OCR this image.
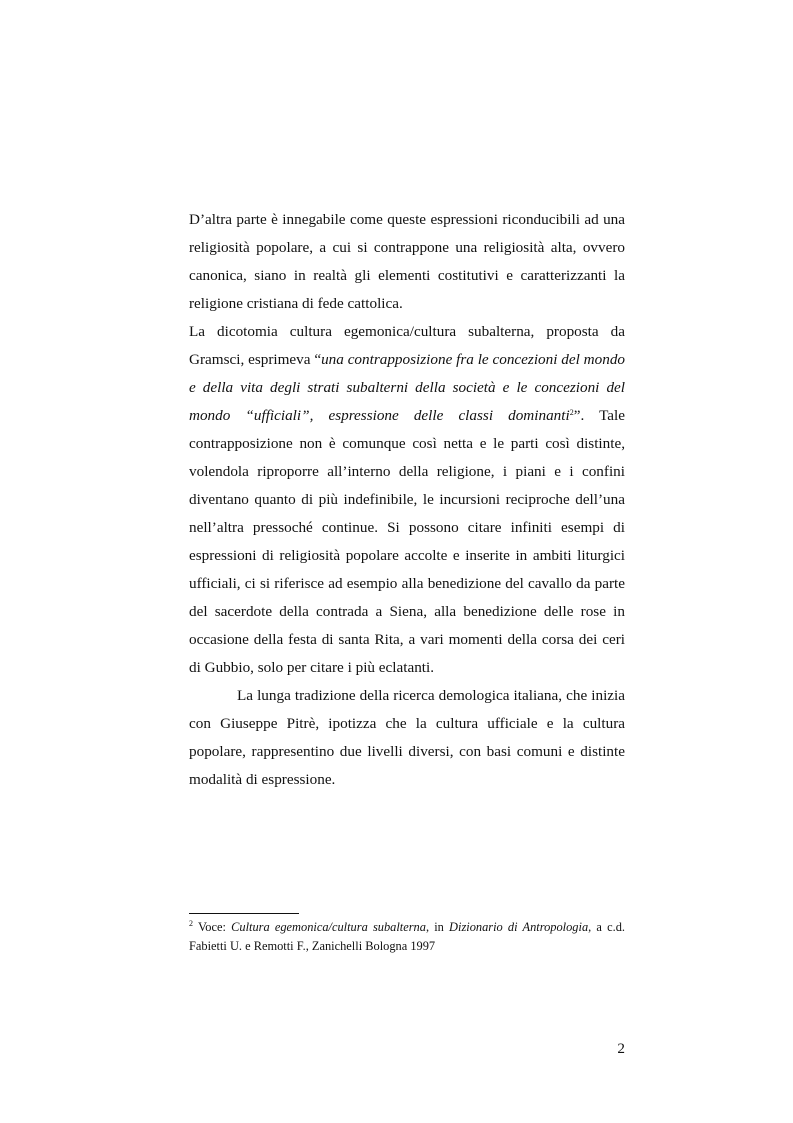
D’altra parte è innegabile come queste espressioni riconducibili ad una religiosità popolare, a cui si contrappone una religiosità alta, ovvero canonica, siano in realtà gli elementi costitutivi e caratterizzanti la religione cristiana di fede cattolica.

La dicotomia cultura egemonica/cultura subalterna, proposta da Gramsci, esprimeva “una contrapposizione fra le concezioni del mondo e della vita degli strati subalterni della società e le concezioni del mondo “ufficiali”, espressione delle classi dominanti$^2$”. Tale contrapposizione non è comunque così netta e le parti così distinte, volendola riproporre all’interno della religione, i piani e i confini diventano quanto di più indefinibile, le incursioni reciproche dell’una nell’altra pressoché continue. Si possono citare infiniti esempi di espressioni di religiosità popolare accolte e inserite in ambiti liturgici ufficiali, ci si riferisce ad esempio alla benedizione del cavallo da parte del sacerdote della contrada a Siena, alla benedizione delle rose in occasione della festa di santa Rita, a vari momenti della corsa dei ceri di Gubbio, solo per citare i più eclatanti.

La lunga tradizione della ricerca demologica italiana, che inizia con Giuseppe Pitrè, ipotizza che la cultura ufficiale e la cultura popolare, rappresentino due livelli diversi, con basi comuni e distinte modalità di espressione.

$^2$ Voce: Cultura egemonica/cultura subalterna, in Dizionario di Antropologia, a c.d. Fabietti U. e Remotti F., Zanichelli Bologna 1997
2
